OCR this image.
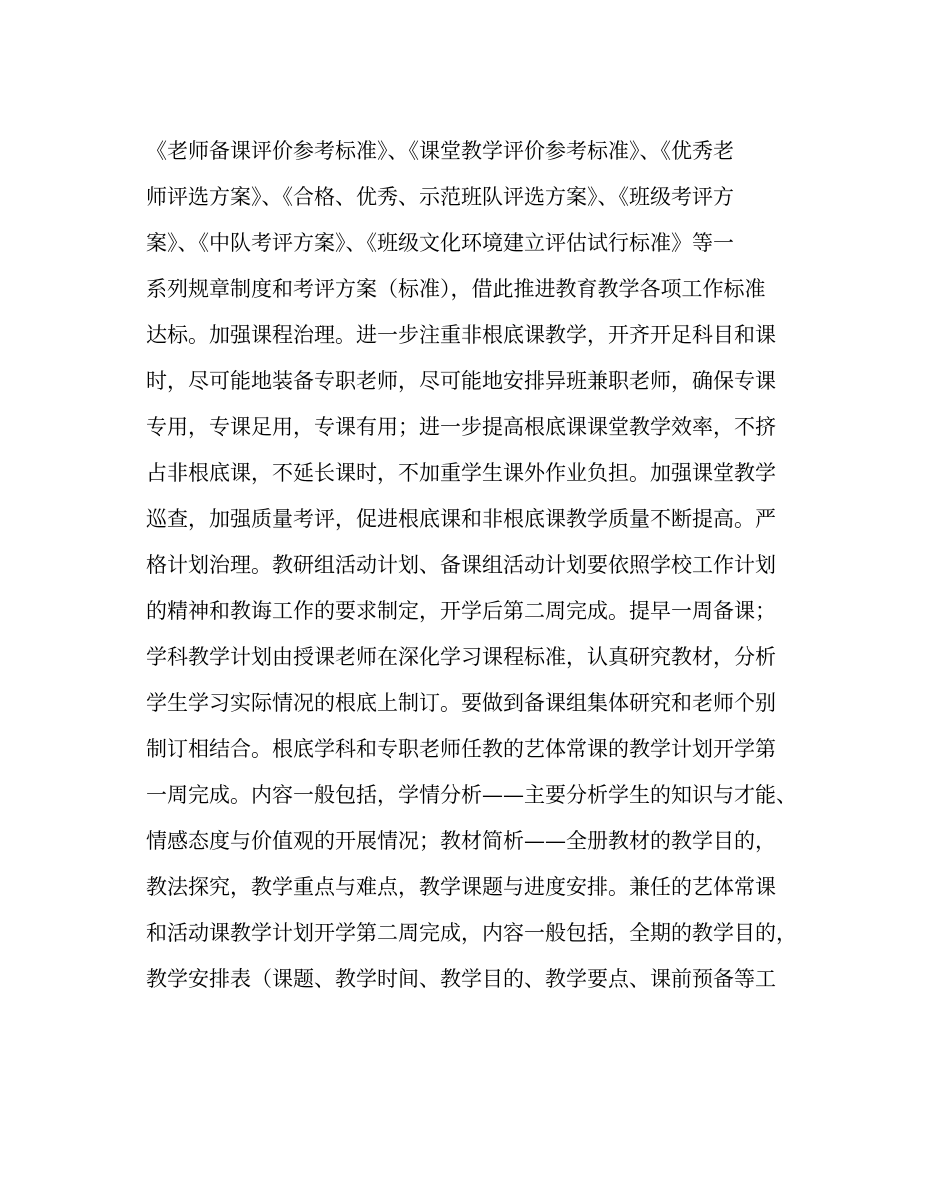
《老师备课评价参考标准》、《课堂教学评价参考标准》、《优秀老
师评选方案》、《合格、优秀、示范班队评选方案》、《班级考评方
案》、《中队考评方案》、《班级文化环境建立评估试行标准》等一
系列规章制度和考评方案（标准），借此推进教育教学各项工作标准
达标。加强课程治理。进一步注重非根底课教学，开齐开足科目和课
时，尽可能地装备专职老师，尽可能地安排异班兼职老师，确保专课
专用，专课足用，专课有用；进一步提高根底课课堂教学效率，不挤
占非根底课，不延长课时，不加重学生课外作业负担。加强课堂教学
巡查，加强质量考评，促进根底课和非根底课教学质量不断提高。严
格计划治理。教研组活动计划、备课组活动计划要依照学校工作计划
的精神和教诲工作的要求制定，开学后第二周完成。提早一周备课；
学科教学计划由授课老师在深化学习课程标准，认真研究教材，分析
学生学习实际情况的根底上制订。要做到备课组集体研究和老师个别
制订相结合。根底学科和专职老师任教的艺体常课的教学计划开学第
一周完成。内容一般包括，学情分析——主要分析学生的知识与才能、
情感态度与价值观的开展情况；教材简析——全册教材的教学目的，
教法探究，教学重点与难点，教学课题与进度安排。兼任的艺体常课
和活动课教学计划开学第二周完成，内容一般包括，全期的教学目的，
教学安排表（课题、教学时间、教学目的、教学要点、课前预备等工
